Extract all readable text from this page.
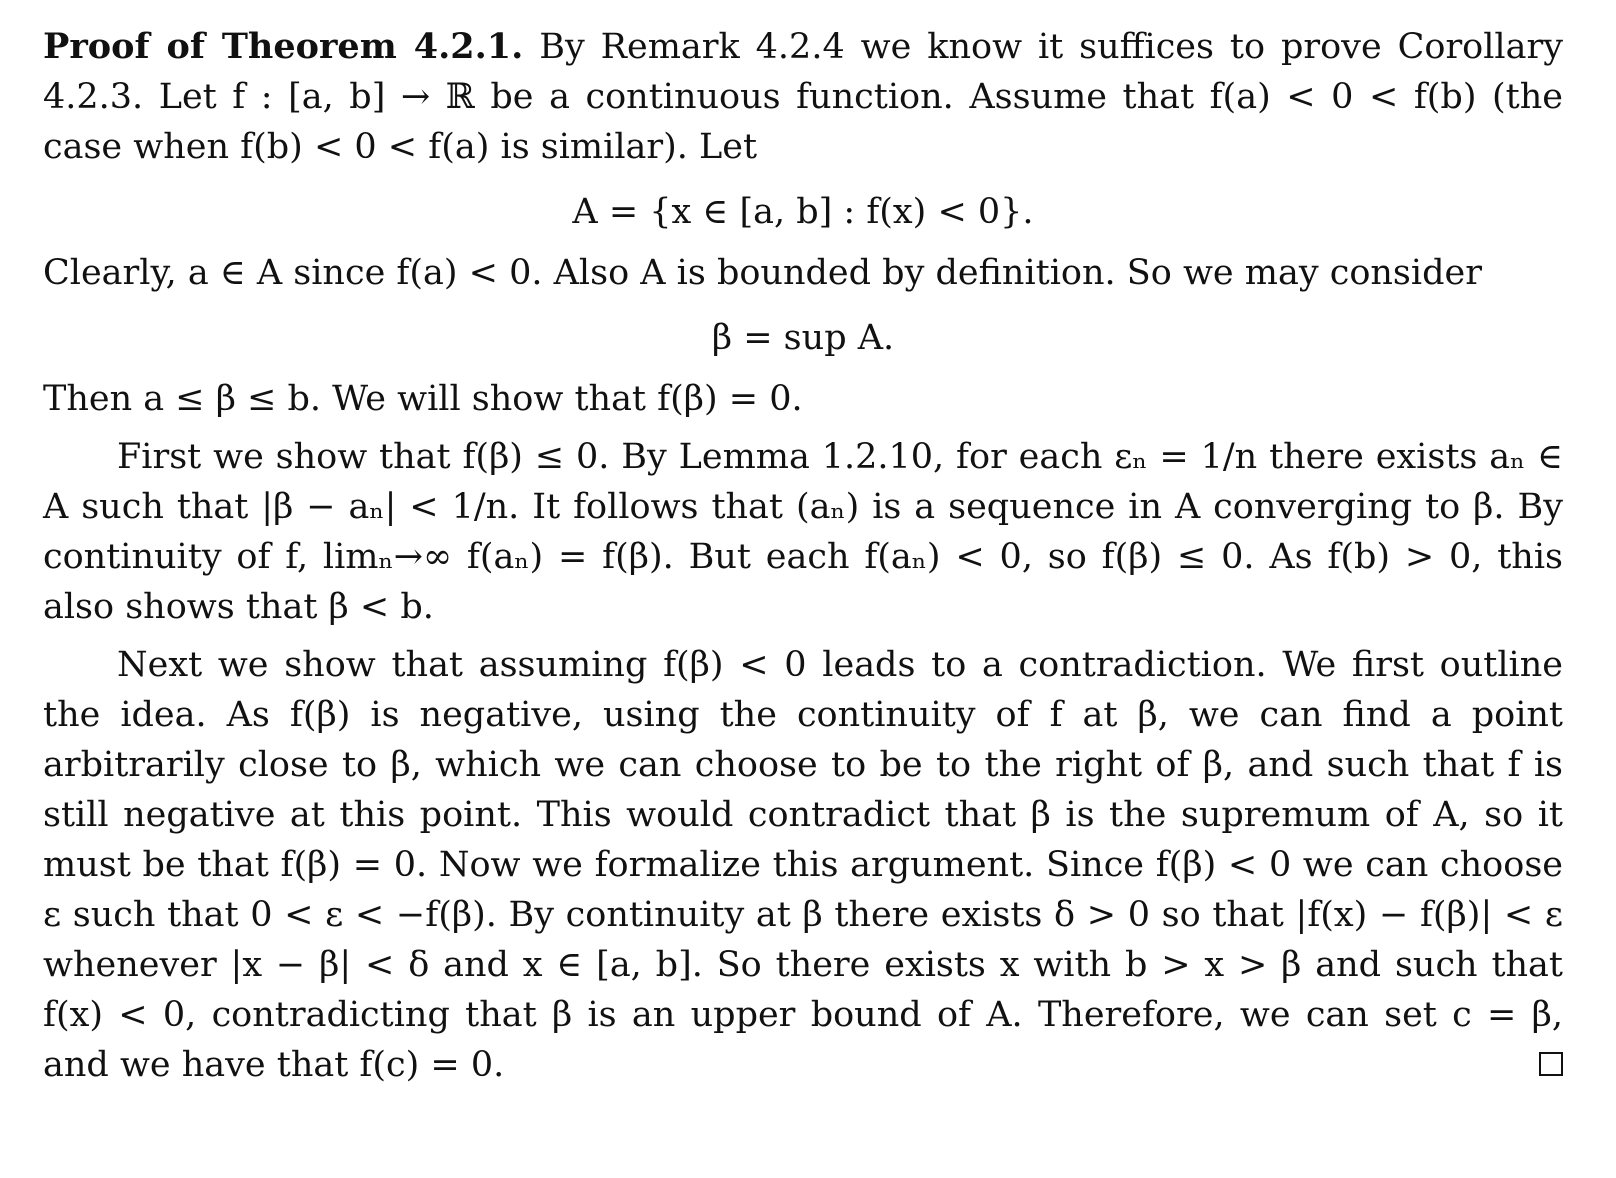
Proof of Theorem 4.2.1. By Remark 4.2.4 we know it suffices to prove Corollary 4.2.3. Let f : [a, b] → ℝ be a continuous function. Assume that f(a) < 0 < f(b) (the case when f(b) < 0 < f(a) is similar). Let

A = {x ∈ [a, b] : f(x) < 0}.

Clearly, a ∈ A since f(a) < 0. Also A is bounded by definition. So we may consider

β = sup A.

Then a ≤ β ≤ b. We will show that f(β) = 0.

First we show that f(β) ≤ 0. By Lemma 1.2.10, for each εₙ = 1/n there exists aₙ ∈ A such that |β − aₙ| < 1/n. It follows that (aₙ) is a sequence in A converging to β. By continuity of f, limₙ→∞ f(aₙ) = f(β). But each f(aₙ) < 0, so f(β) ≤ 0. As f(b) > 0, this also shows that β < b.

Next we show that assuming f(β) < 0 leads to a contradiction. We first outline the idea. As f(β) is negative, using the continuity of f at β, we can find a point arbitrarily close to β, which we can choose to be to the right of β, and such that f is still negative at this point. This would contradict that β is the supremum of A, so it must be that f(β) = 0. Now we formalize this argument. Since f(β) < 0 we can choose ε such that 0 < ε < −f(β). By continuity at β there exists δ > 0 so that |f(x) − f(β)| < ε whenever |x − β| < δ and x ∈ [a, b]. So there exists x with b > x > β and such that f(x) < 0, contradicting that β is an upper bound of A. Therefore, we can set c = β, and we have that f(c) = 0.
